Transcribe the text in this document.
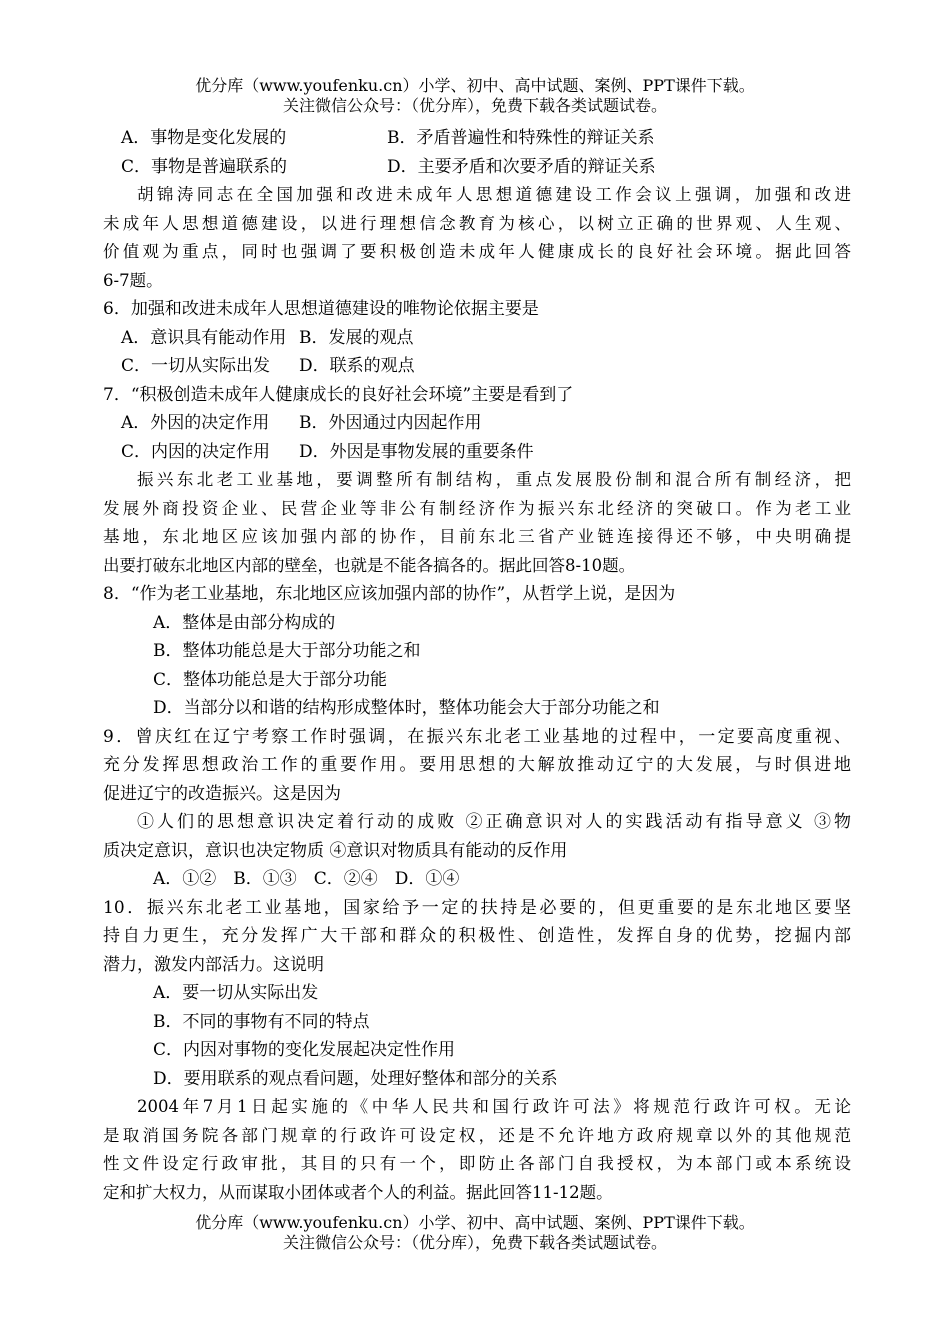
优分库（www.youfenku.cn）小学、初中、高中试题、案例、PPT课件下载。
关注微信公众号：（优分库），免费下载各类试题试卷。
A．事物是变化发展的	B．矛盾普遍性和特殊性的辩证关系
C．事物是普遍联系的	D．主要矛盾和次要矛盾的辩证关系
胡锦涛同志在全国加强和改进未成年人思想道德建设工作会议上强调，加强和改进
未成年人思想道德建设，以进行理想信念教育为核心，以树立正确的世界观、人生观、
价值观为重点，同时也强调了要积极创造未成年人健康成长的良好社会环境。据此回答
6-7题。
6．加强和改进未成年人思想道德建设的唯物论依据主要是
A．意识具有能动作用 B．发展的观点
C．一切从实际出发 D．联系的观点
7．“积极创造未成年人健康成长的良好社会环境”主要是看到了
A．外因的决定作用 B．外因通过内因起作用
C．内因的决定作用 D．外因是事物发展的重要条件
振兴东北老工业基地，要调整所有制结构，重点发展股份制和混合所有制经济，把
发展外商投资企业、民营企业等非公有制经济作为振兴东北经济的突破口。作为老工业
基地，东北地区应该加强内部的协作，目前东北三省产业链连接得还不够，中央明确提
出要打破东北地区内部的壁垒，也就是不能各搞各的。据此回答8-10题。
8．“作为老工业基地，东北地区应该加强内部的协作”，从哲学上说，是因为
A．整体是由部分构成的
B．整体功能总是大于部分功能之和
C．整体功能总是大于部分功能
D．当部分以和谐的结构形成整体时，整体功能会大于部分功能之和
9．曾庆红在辽宁考察工作时强调，在振兴东北老工业基地的过程中，一定要高度重视、
充分发挥思想政治工作的重要作用。要用思想的大解放推动辽宁的大发展，与时俱进地
促进辽宁的改造振兴。这是因为
①人们的思想意识决定着行动的成败 ②正确意识对人的实践活动有指导意义 ③物
质决定意识，意识也决定物质 ④意识对物质具有能动的反作用
A．①②　B．①③　C．②④　D．①④
10．振兴东北老工业基地，国家给予一定的扶持是必要的，但更重要的是东北地区要坚
持自力更生，充分发挥广大干部和群众的积极性、创造性，发挥自身的优势，挖掘内部
潜力，激发内部活力。这说明
A．要一切从实际出发
B．不同的事物有不同的特点
C．内因对事物的变化发展起决定性作用
D．要用联系的观点看问题，处理好整体和部分的关系
2004年7月1日起实施的《中华人民共和国行政许可法》将规范行政许可权。无论
是取消国务院各部门规章的行政许可设定权，还是不允许地方政府规章以外的其他规范
性文件设定行政审批，其目的只有一个，即防止各部门自我授权，为本部门或本系统设
定和扩大权力，从而谋取小团体或者个人的利益。据此回答11-12题。
优分库（www.youfenku.cn）小学、初中、高中试题、案例、PPT课件下载。
关注微信公众号：（优分库），免费下载各类试题试卷。
